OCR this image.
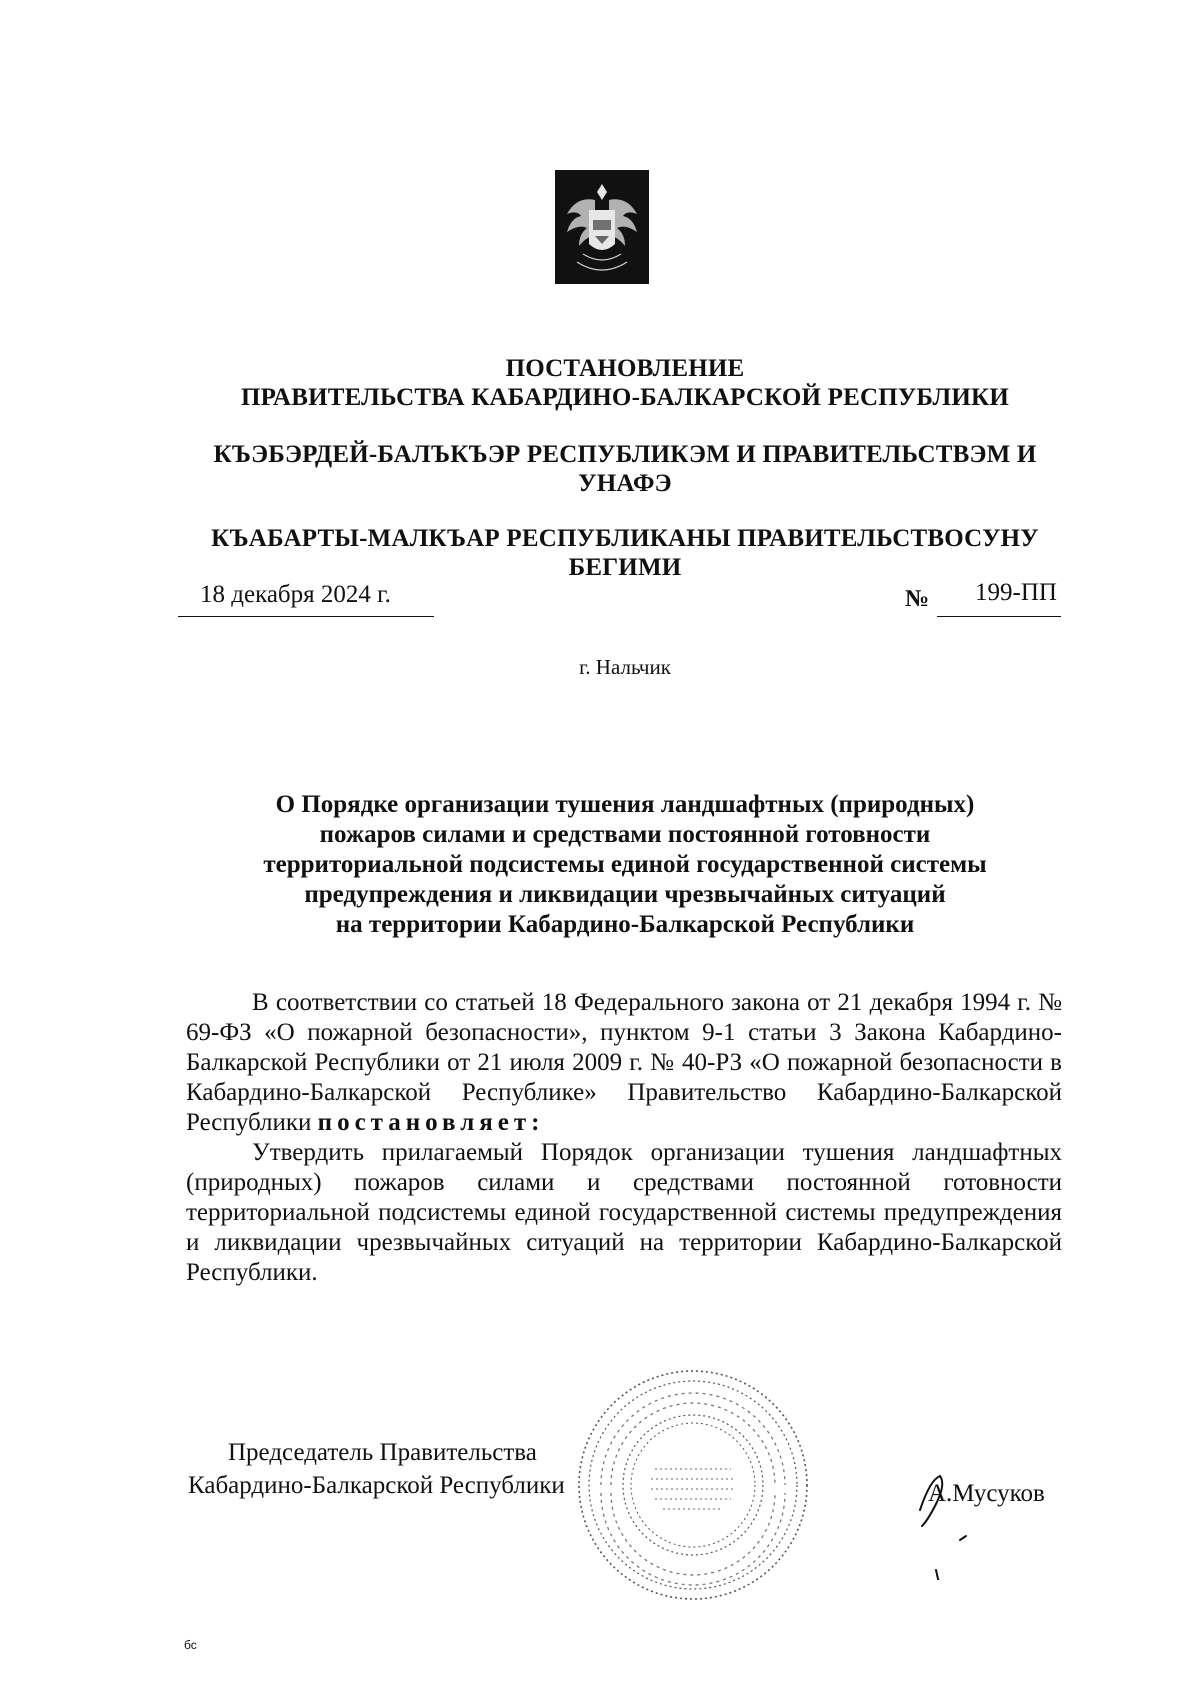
ПОСТАНОВЛЕНИЕ
ПРАВИТЕЛЬСТВА КАБАРДИНО-БАЛКАРСКОЙ РЕСПУБЛИКИ
КЪЭБЭРДЕЙ-БАЛЪКЪЭР РЕСПУБЛИКЭМ И ПРАВИТЕЛЬСТВЭМ И
УНАФЭ
КЪАБАРТЫ-МАЛКЪАР РЕСПУБЛИКАНЫ ПРАВИТЕЛЬСТВОСУНУ
БЕГИМИ
18 декабря 2024 г.	№ 199-ПП
г. Нальчик
О Порядке организации тушения ландшафтных (природных)
пожаров силами и средствами постоянной готовности
территориальной подсистемы единой государственной системы
предупреждения и ликвидации чрезвычайных ситуаций
на территории Кабардино-Балкарской Республики

В соответствии со статьей 18 Федерального закона от 21 декабря 1994 г. № 69-ФЗ «О пожарной безопасности», пунктом 9-1 статьи 3 Закона Кабардино-Балкарской Республики от 21 июля 2009 г. № 40-РЗ «О пожарной безопасности в Кабардино-Балкарской Республике» Правительство Кабардино-Балкарской Республики постановляет:

Утвердить прилагаемый Порядок организации тушения ландшафтных (природных) пожаров силами и средствами постоянной готовности территориальной подсистемы единой государственной системы предупреждения и ликвидации чрезвычайных ситуаций на территории Кабардино-Балкарской Республики.

Председатель Правительства
Кабардино-Балкарской Республики	А.Мусуков
бс
